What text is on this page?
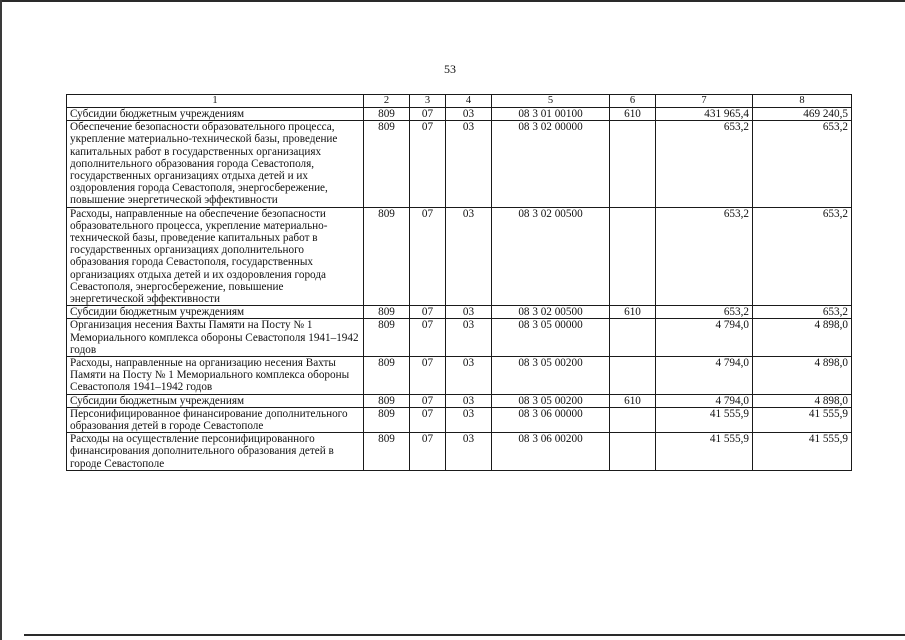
53
1	2	3	4	5	6	7	8
Субсидии бюджетным учреждениям	809	07	03	08 3 01 00100	610	431 965,4	469 240,5
Обеспечение безопасности образовательного процесса, укрепление материально-технической базы, проведение капитальных работ в государственных организациях дополнительного образования города Севастополя, государственных организациях отдыха детей и их оздоровления города Севастополя, энергосбережение, повышение энергетической эффективности	809	07	03	08 3 02 00000		653,2	653,2
Расходы, направленные на обеспечение безопасности образовательного процесса, укрепление материально-технической базы, проведение капитальных работ в государственных организациях дополнительного образования города Севастополя, государственных организациях отдыха детей и их оздоровления города Севастополя, энергосбережение, повышение энергетической эффективности	809	07	03	08 3 02 00500		653,2	653,2
Субсидии бюджетным учреждениям	809	07	03	08 3 02 00500	610	653,2	653,2
Организация несения Вахты Памяти на Посту № 1 Мемориального комплекса обороны Севастополя 1941–1942 годов	809	07	03	08 3 05 00000		4 794,0	4 898,0
Расходы, направленные на организацию несения Вахты Памяти на Посту № 1 Мемориального комплекса обороны Севастополя 1941–1942 годов	809	07	03	08 3 05 00200		4 794,0	4 898,0
Субсидии бюджетным учреждениям	809	07	03	08 3 05 00200	610	4 794,0	4 898,0
Персонифицированное финансирование дополнительного образования детей в городе Севастополе	809	07	03	08 3 06 00000		41 555,9	41 555,9
Расходы на осуществление персонифицированного финансирования дополнительного образования детей в городе Севастополе	809	07	03	08 3 06 00200		41 555,9	41 555,9
